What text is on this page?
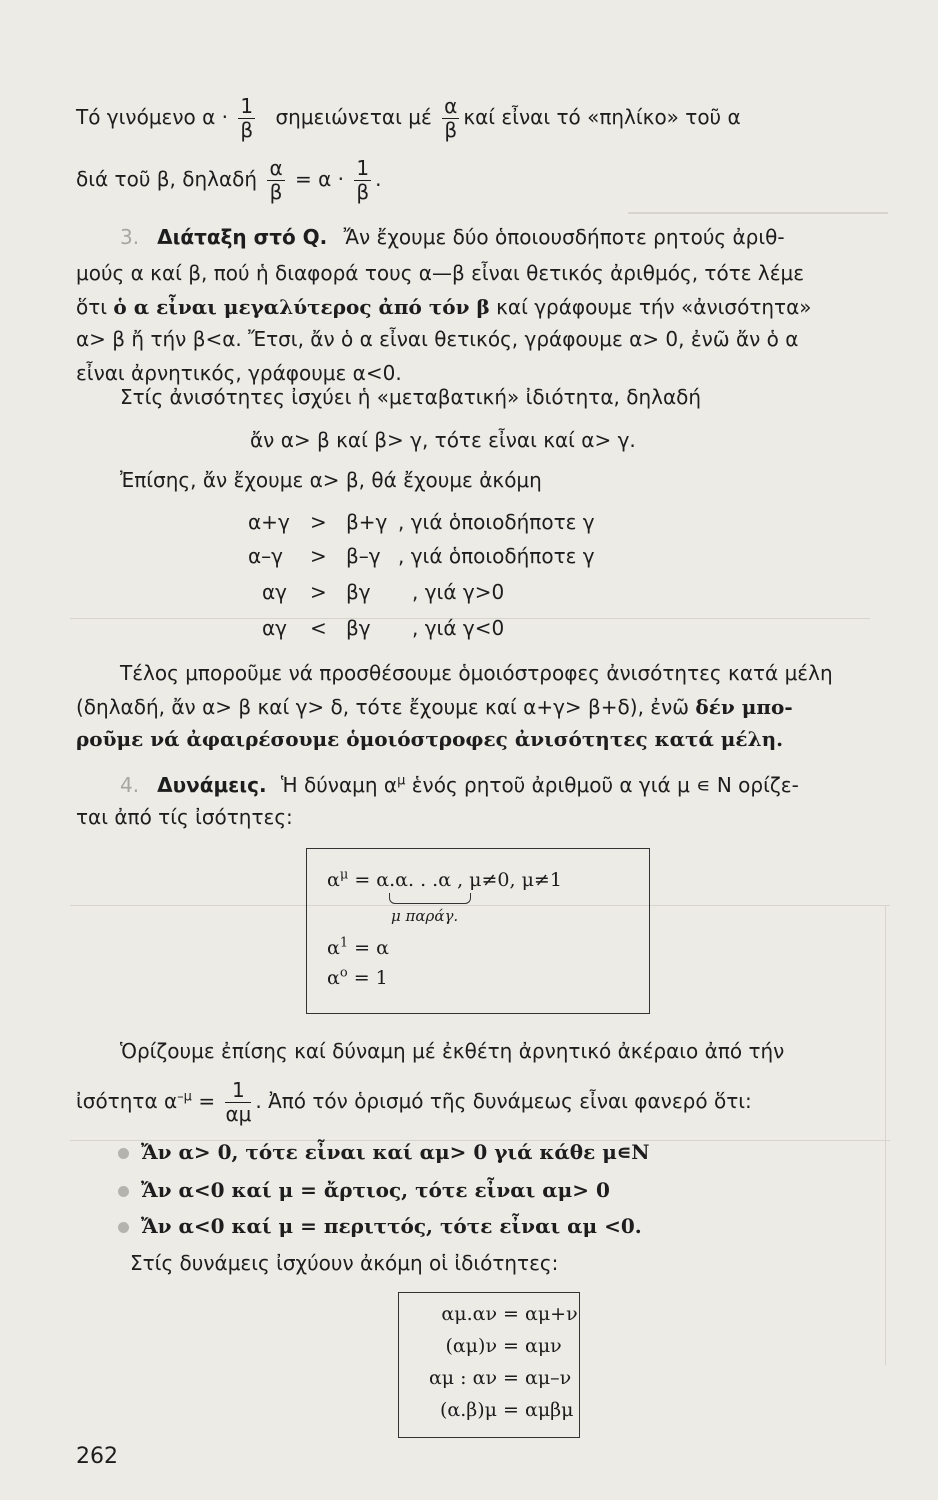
Τό γινόμενο $\alpha \cdot \frac{1}{\beta}$ σημειώνεται μέ $\frac{\alpha}{\beta}$ καί εἶναι τό «πηλίκο» τοῦ α
διά τοῦ β, δηλαδή $\frac{\alpha}{\beta} = \alpha \cdot \frac{1}{\beta}$ .
3. Διάταξη στό Q. Ἄν ἔχουμε δύο ὁποιουσδήποτε ρητούς ἀριθ-
μούς α καί β, πού ἡ διαφορά τους α—β εἶναι θετικός ἀριθμός, τότε λέμε
ὅτι ὁ α εἶναι μεγαλύτερος ἀπό τόν β καί γράφουμε τήν «ἀνισότητα»
α> β ἤ τήν β<α. Ἔτσι, ἄν ὁ α εἶναι θετικός, γράφουμε α> 0, ἐνῶ ἄν ὁ α
εἶναι ἀρνητικός, γράφουμε α<0.
Στίς ἀνισότητες ἰσχύει ἡ «μεταβατική» ἰδιότητα, δηλαδή
ἄν α> β καί β> γ, τότε εἶναι καί α> γ.
Ἐπίσης, ἄν ἔχουμε α> β, θά ἔχουμε ἀκόμη
α+γ > β+γ , γιά ὁποιοδήποτε γ
α–γ > β–γ , γιά ὁποιοδήποτε γ
αγ > βγ , γιά γ>0
αγ < βγ , γιά γ<0
Τέλος μποροῦμε νά προσθέσουμε ὁμοιόστροφες ἀνισότητες κατά μέλη
(δηλαδή, ἄν α> β καί γ> δ, τότε ἔχουμε καί α+γ> β+δ), ἐνῶ δέν μπο-
ροῦμε νά ἀφαιρέσουμε ὁμοιόστροφες ἀνισότητες κατά μέλη.
4. Δυνάμεις. Ἡ δύναμη $\alpha^\mu$ ἑνός ρητοῦ ἀριθμοῦ α γιά μ ∊ N ορίζε-
ται ἀπό τίς ἰσότητες:
$\alpha^\mu = \alpha.\alpha$. . .α , μ≠0, μ≠1
μ παράγ.
$\alpha^1 = \alpha$
$\alpha^o = 1$
Ὁρίζουμε ἐπίσης καί δύναμη μέ ἐκθέτη ἀρνητικό ἀκέραιο ἀπό τήν
ἰσότητα $\alpha^{-\mu} = \frac{1}{\alpha\mu}$ . Ἀπό τόν ὁρισμό τῆς δυνάμεως εἶναι φανερό ὅτι:
Ἄν α> 0, τότε εἶναι καί αμ> 0 γιά κάθε μ∊N
Ἄν α<0 καί μ = ἄρτιος, τότε εἶναι αμ> 0
Ἄν α<0 καί μ = περιττός, τότε εἶναι αμ <0.
Στίς δυνάμεις ἰσχύουν ἀκόμη οἱ ἰδιότητες:
αμ.αν = αμ+ν
(αμ)ν = αμν
αμ : αν = αμ–ν
(α.β)μ = αμβμ
262
